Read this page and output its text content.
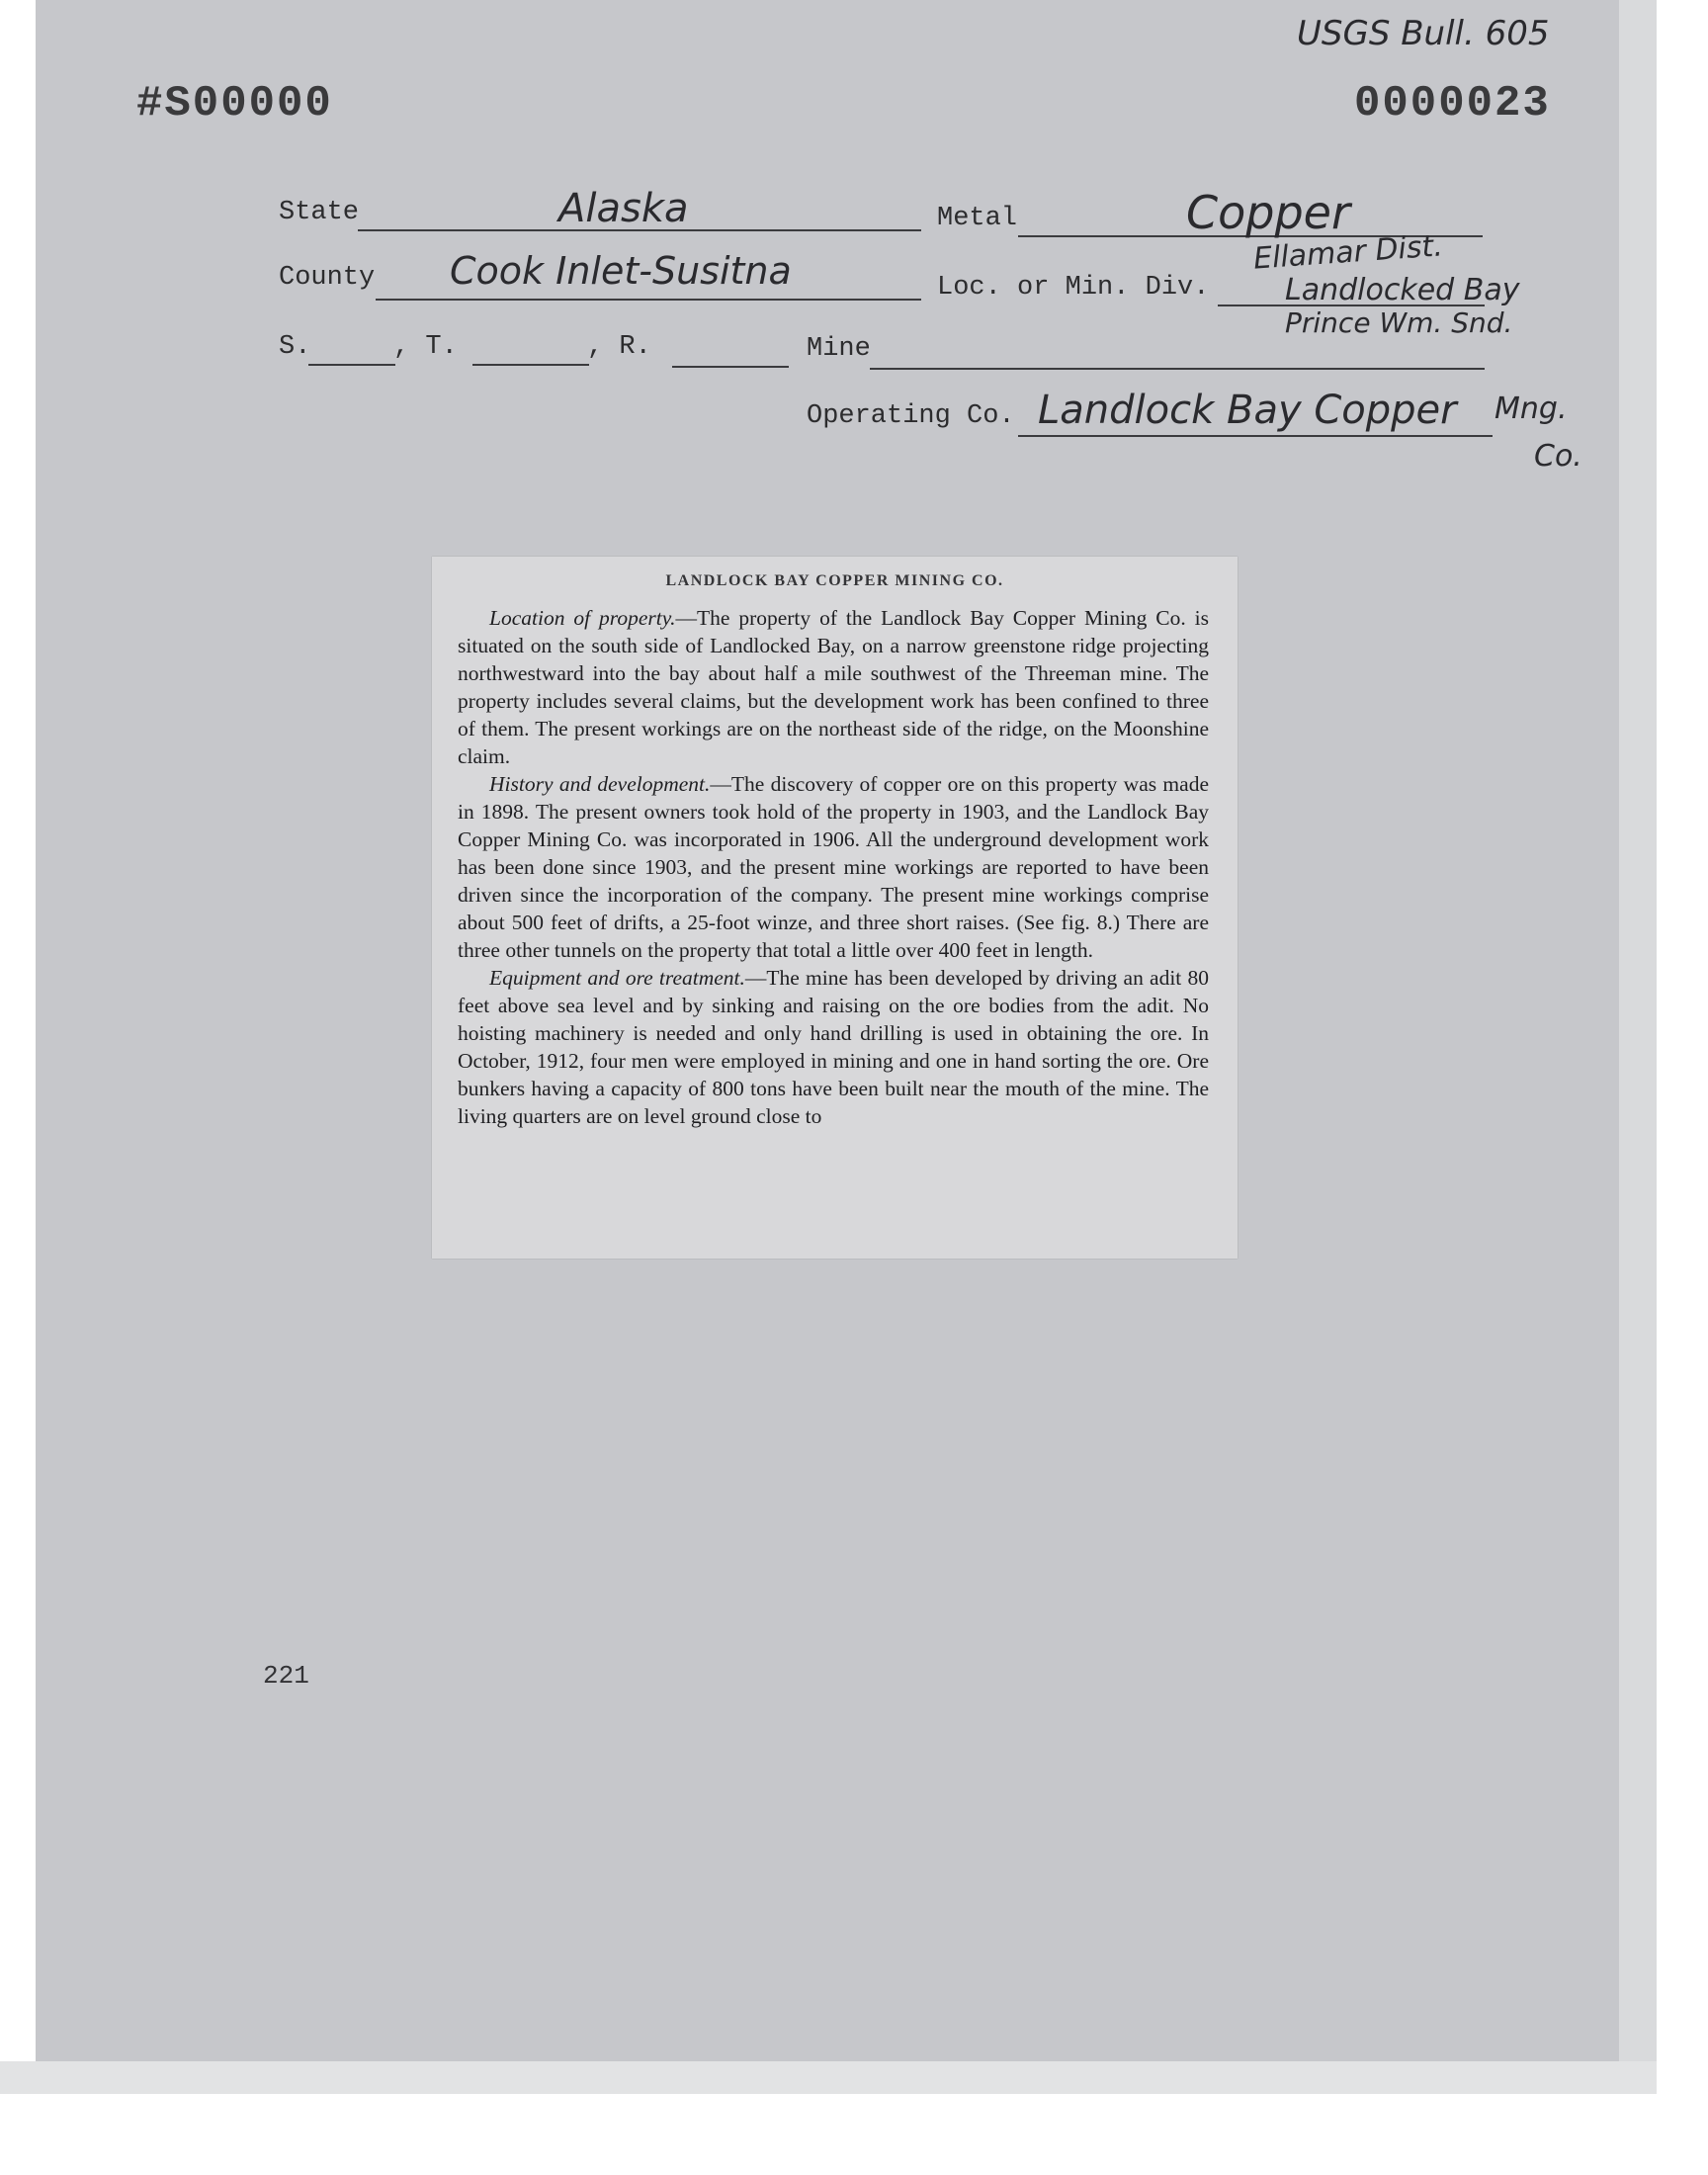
#S00000	0000023
USGS Bull. 605
State	Alaska	Metal	Copper
County Cook Inlet-Susitna	Loc. or Min. Div.
Ellamar Dist.
Landlocked Bay
Prince Wm. Snd.
S.	, T.	, R.	Mine
Operating Co. Landlock Bay Copper Mng.
Co.
LANDLOCK BAY COPPER MINING CO.

Location of property.—The property of the Landlock Bay Copper Mining Co. is situated on the south side of Landlocked Bay, on a narrow greenstone ridge projecting northwestward into the bay about half a mile southwest of the Threeman mine. The property includes several claims, but the development work has been confined to three of them. The present workings are on the northeast side of the ridge, on the Moonshine claim.

History and development.—The discovery of copper ore on this property was made in 1898. The present owners took hold of the property in 1903, and the Landlock Bay Copper Mining Co. was incorporated in 1906. All the underground development work has been done since 1903, and the present mine workings are reported to have been driven since the incorporation of the company. The present mine workings comprise about 500 feet of drifts, a 25-foot winze, and three short raises. (See fig. 8.) There are three other tunnels on the property that total a little over 400 feet in length.

Equipment and ore treatment.—The mine has been developed by driving an adit 80 feet above sea level and by sinking and raising on the ore bodies from the adit. No hoisting machinery is needed and only hand drilling is used in obtaining the ore. In October, 1912, four men were employed in mining and one in hand sorting the ore. Ore bunkers having a capacity of 800 tons have been built near the mouth of the mine. The living quarters are on level ground close to

221
